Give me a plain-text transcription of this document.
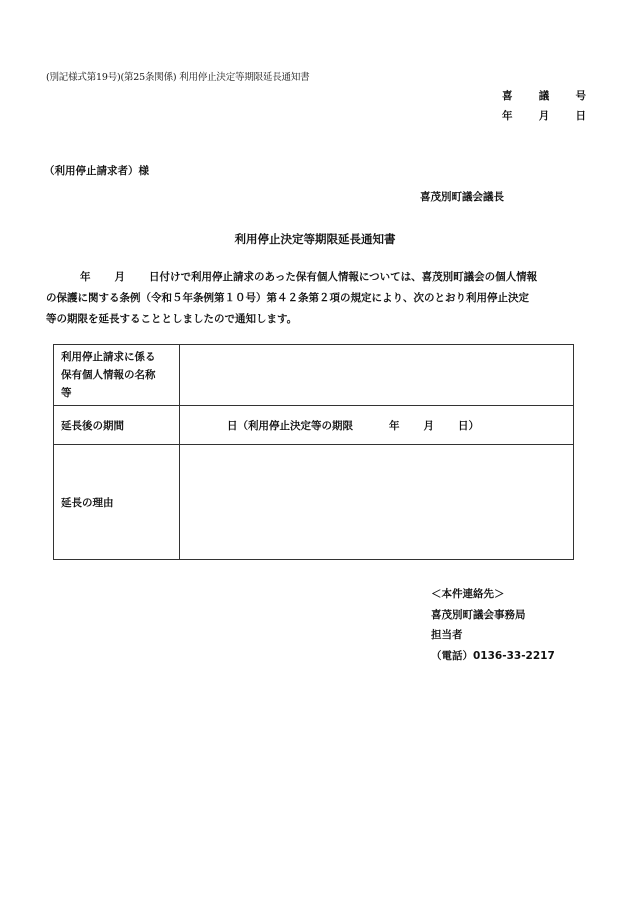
(別記様式第19号)(第25条関係) 利用停止決定等期限延長通知書
喜	議	号
年	月	日
（利用停止請求者）様
喜茂別町議会議長
利用停止決定等期限延長通知書
年 月 日付けで利用停止請求のあった保有個人情報については、喜茂別町議会の個人情報
の保護に関する条例（令和５年条例第１０号）第４２条第２項の規定により、次のとおり利用停止決定
等の期限を延長することとしましたので通知します。
利用停止請求に係る
保有個人情報の名称
等	

延長後の期間	日（利用停止決定等の期限 年 月 日）

延長の理由	
＜本件連絡先＞
喜茂別町議会事務局
担当者
（電話）0136-33-2217
